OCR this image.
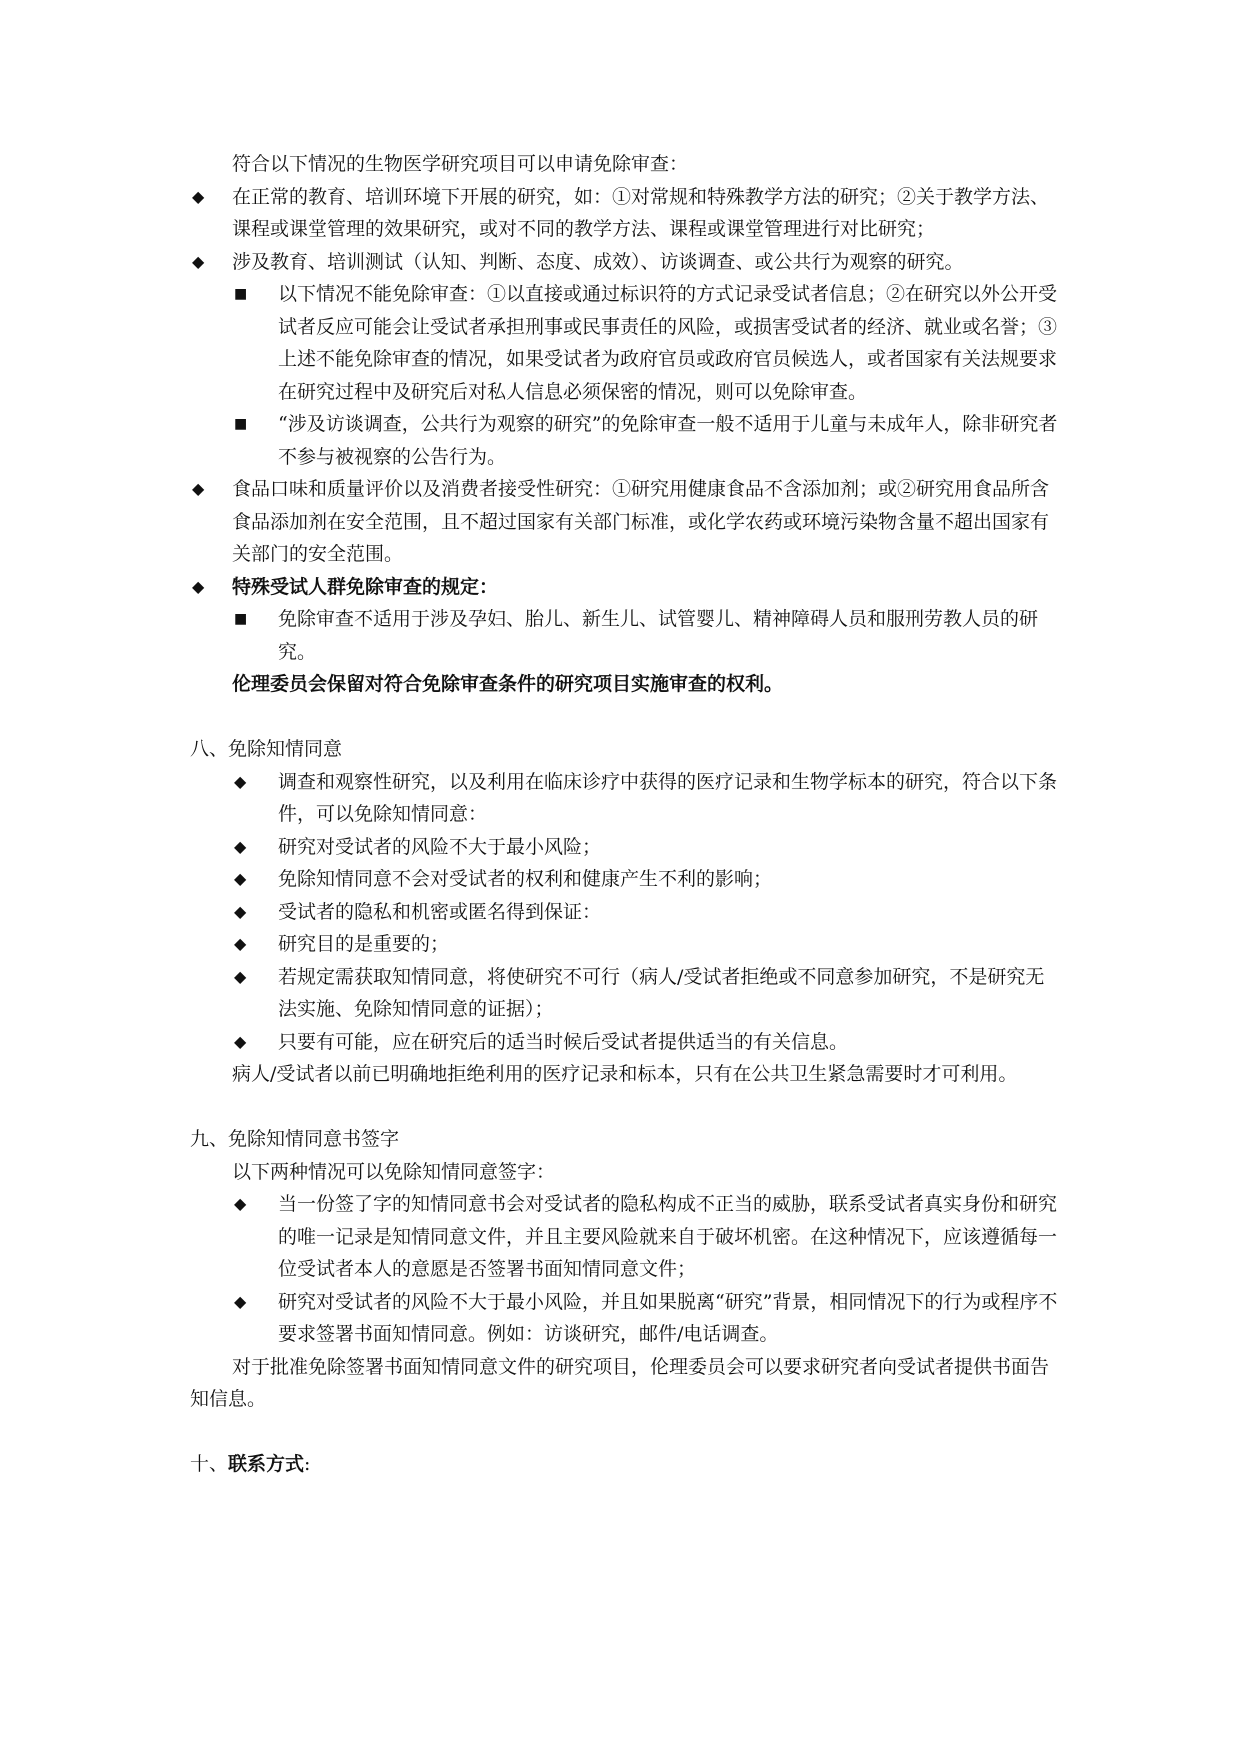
符合以下情况的生物医学研究项目可以申请免除审查：

◆ 在正常的教育、培训环境下开展的研究，如：①对常规和特殊教学方法的研究；②关于教学方法、课程或课堂管理的效果研究，或对不同的教学方法、课程或课堂管理进行对比研究；
◆ 涉及教育、培训测试（认知、判断、态度、成效）、访谈调查、或公共行为观察的研究。
■ 以下情况不能免除审查：①以直接或通过标识符的方式记录受试者信息；②在研究以外公开受试者反应可能会让受试者承担刑事或民事责任的风险，或损害受试者的经济、就业或名誉；③上述不能免除审查的情况，如果受试者为政府官员或政府官员候选人，或者国家有关法规要求在研究过程中及研究后对私人信息必须保密的情况，则可以免除审查。
■ “涉及访谈调查，公共行为观察的研究”的免除审查一般不适用于儿童与未成年人，除非研究者不参与被视察的公告行为。
◆ 食品口味和质量评价以及消费者接受性研究：①研究用健康食品不含添加剂；或②研究用食品所含食品添加剂在安全范围，且不超过国家有关部门标准，或化学农药或环境污染物含量不超出国家有关部门的安全范围。
◆ 特殊受试人群免除审查的规定：
■ 免除审查不适用于涉及孕妇、胎儿、新生儿、试管婴儿、精神障碍人员和服刑劳教人员的研究。

伦理委员会保留对符合免除审查条件的研究项目实施审查的权利。

八、免除知情同意

◆ 调查和观察性研究，以及利用在临床诊疗中获得的医疗记录和生物学标本的研究，符合以下条件，可以免除知情同意：
◆ 研究对受试者的风险不大于最小风险；
◆ 免除知情同意不会对受试者的权利和健康产生不利的影响；
◆ 受试者的隐私和机密或匿名得到保证：
◆ 研究目的是重要的；
◆ 若规定需获取知情同意，将使研究不可行（病人/受试者拒绝或不同意参加研究，不是研究无法实施、免除知情同意的证据）；
◆ 只要有可能，应在研究后的适当时候后受试者提供适当的有关信息。

病人/受试者以前已明确地拒绝利用的医疗记录和标本，只有在公共卫生紧急需要时才可利用。

九、免除知情同意书签字

以下两种情况可以免除知情同意签字：

◆ 当一份签了字的知情同意书会对受试者的隐私构成不正当的威胁，联系受试者真实身份和研究的唯一记录是知情同意文件，并且主要风险就来自于破坏机密。在这种情况下，应该遵循每一位受试者本人的意愿是否签署书面知情同意文件；
◆ 研究对受试者的风险不大于最小风险，并且如果脱离“研究”背景，相同情况下的行为或程序不要求签署书面知情同意。例如：访谈研究，邮件/电话调查。

对于批准免除签署书面知情同意文件的研究项目，伦理委员会可以要求研究者向受试者提供书面告知信息。

十、联系方式:
